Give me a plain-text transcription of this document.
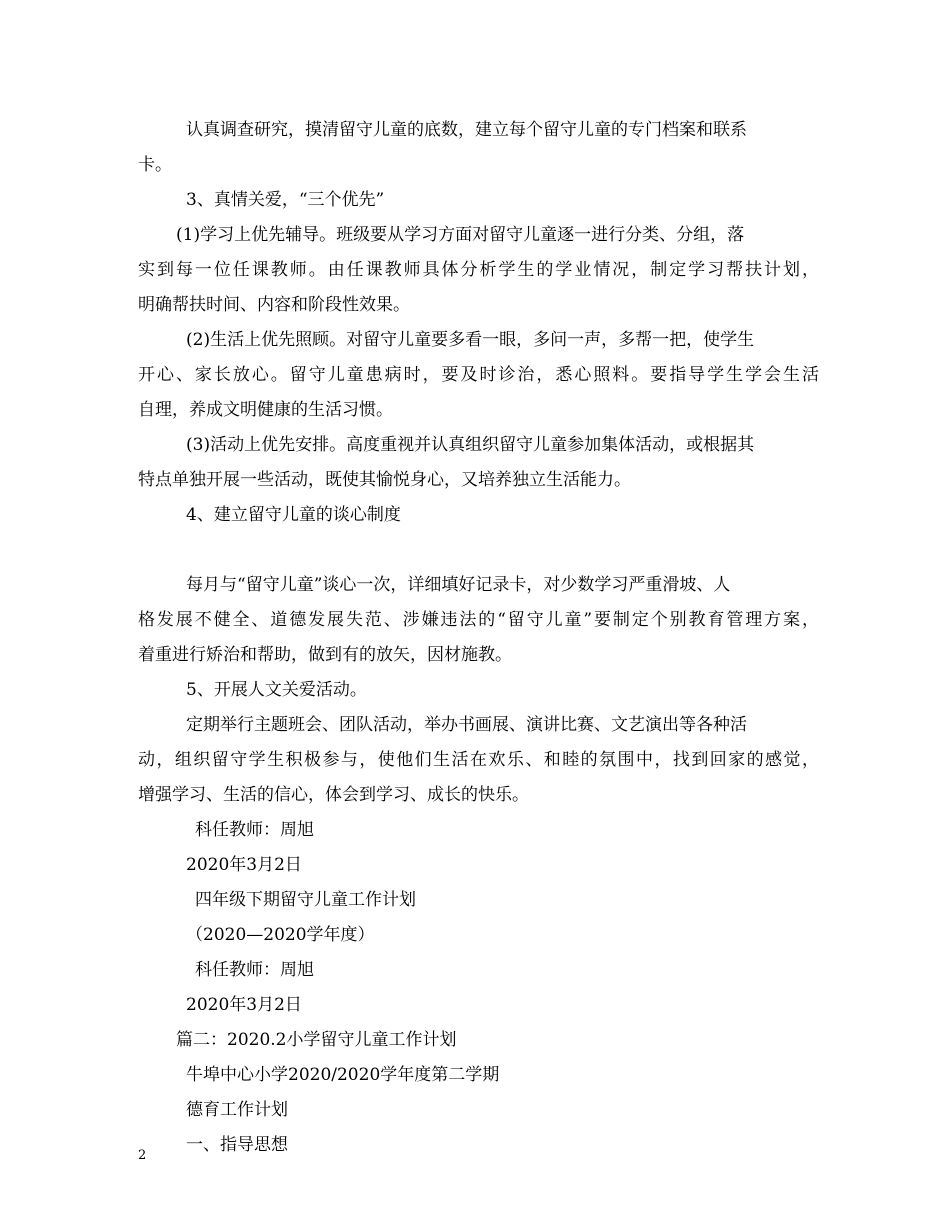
认真调查研究，摸清留守儿童的底数，建立每个留守儿童的专门档案和联系
卡。
3、真情关爱，“三个优先”
(1)学习上优先辅导。班级要从学习方面对留守儿童逐一进行分类、分组，落
实到每一位任课教师。由任课教师具体分析学生的学业情况，制定学习帮扶计划，
明确帮扶时间、内容和阶段性效果。
(2)生活上优先照顾。对留守儿童要多看一眼，多问一声，多帮一把，使学生
开心、家长放心。留守儿童患病时，要及时诊治，悉心照料。要指导学生学会生活
自理，养成文明健康的生活习惯。
(3)活动上优先安排。高度重视并认真组织留守儿童参加集体活动，或根据其
特点单独开展一些活动，既使其愉悦身心，又培养独立生活能力。
4、建立留守儿童的谈心制度
每月与“留守儿童”谈心一次，详细填好记录卡，对少数学习严重滑坡、人
格发展不健全、道德发展失范、涉嫌违法的“留守儿童”要制定个别教育管理方案，
着重进行矫治和帮助，做到有的放矢，因材施教。
5、开展人文关爱活动。
定期举行主题班会、团队活动，举办书画展、演讲比赛、文艺演出等各种活
动，组织留守学生积极参与，使他们生活在欢乐、和睦的氛围中，找到回家的感觉，
增强学习、生活的信心，体会到学习、成长的快乐。
科任教师：周旭
2020年3月2日
四年级下期留守儿童工作计划
（2020—2020学年度）
科任教师：周旭
2020年3月2日
篇二：2020.2小学留守儿童工作计划
牛埠中心小学2020/2020学年度第二学期
德育工作计划
一、指导思想
2
